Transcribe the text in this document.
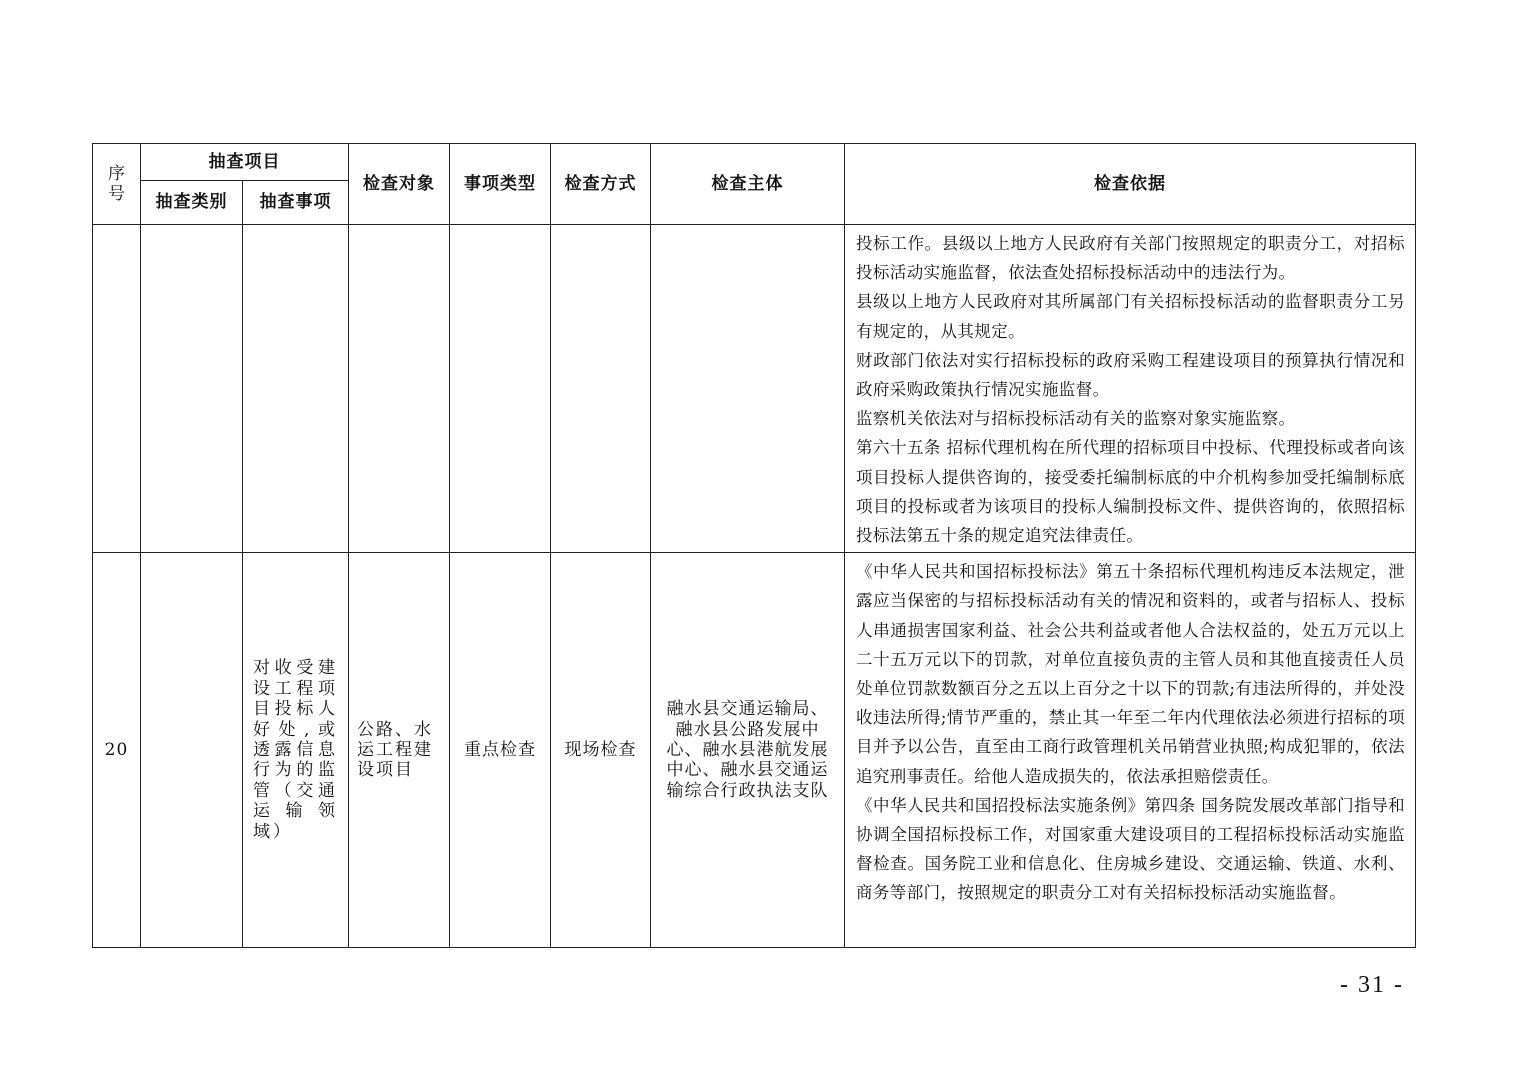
序号	抽查项目		检查对象	事项类型	检查方式	检查主体	检查依据
	抽查类别	抽查事项					

							投标工作。县级以上地方人民政府有关部门按照规定的职责分工，对招标投标活动实施监督，依法查处招标投标活动中的违法行为。

县级以上地方人民政府对其所属部门有关招标投标活动的监督职责分工另有规定的，从其规定。

财政部门依法对实行招标投标的政府采购工程建设项目的预算执行情况和政府采购政策执行情况实施监督。

监察机关依法对与招标投标活动有关的监察对象实施监察。

第六十五条 招标代理机构在所代理的招标项目中投标、代理投标或者向该项目投标人提供咨询的，接受委托编制标底的中介机构参加受托编制标底项目的投标或者为该项目的投标人编制投标文件、提供咨询的，依照招标投标法第五十条的规定追究法律责任。

20		对收受建设工程项目投标人好处,或透露信息行为的监管（交通运输领域）	公路、水运工程建设项目	重点检查	现场检查	融水县交通运输局、融水县公路发展中心、融水县港航发展中心、融水县交通运输综合行政执法支队	《中华人民共和国招标投标法》第五十条招标代理机构违反本法规定，泄露应当保密的与招标投标活动有关的情况和资料的，或者与招标人、投标人串通损害国家利益、社会公共利益或者他人合法权益的，处五万元以上二十五万元以下的罚款，对单位直接负责的主管人员和其他直接责任人员处单位罚款数额百分之五以上百分之十以下的罚款;有违法所得的，并处没收违法所得;情节严重的，禁止其一年至二年内代理依法必须进行招标的项目并予以公告，直至由工商行政管理机关吊销营业执照;构成犯罪的，依法追究刑事责任。给他人造成损失的，依法承担赔偿责任。

《中华人民共和国招投标法实施条例》第四条 国务院发展改革部门指导和协调全国招标投标工作，对国家重大建设项目的工程招标投标活动实施监督检查。国务院工业和信息化、住房城乡建设、交通运输、铁道、水利、商务等部门，按照规定的职责分工对有关招标投标活动实施监督。

- 31 -
